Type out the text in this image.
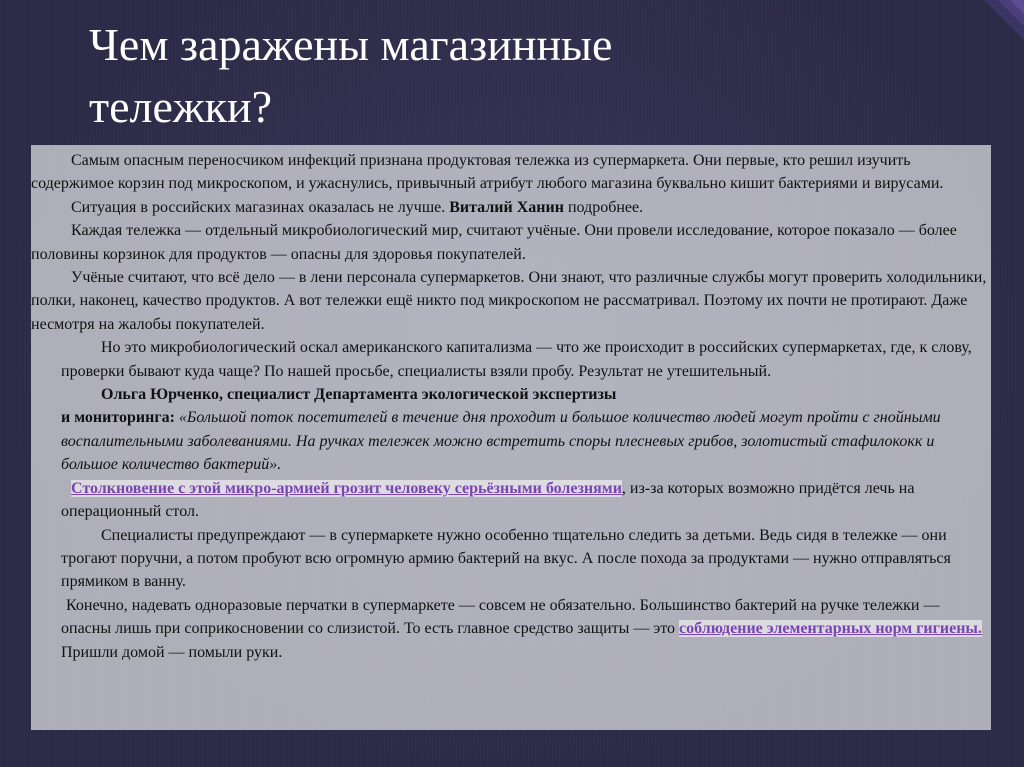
Чем заражены магазинные
тележки?

Самым опасным переносчиком инфекций признана продуктовая тележка из супермаркета. Они первые, кто решил изучить содержимое корзин под микроскопом, и ужаснулись, привычный атрибут любого магазина буквально кишит бактериями и вирусами.

Ситуация в российских магазинах оказалась не лучше. Виталий Ханин подробнее.

Каждая тележка — отдельный микробиологический мир, считают учёные. Они провели исследование, которое показало — более половины корзинок для продуктов — опасны для здоровья покупателей.

Учёные считают, что всё дело — в лени персонала супермаркетов. Они знают, что различные службы могут проверить холодильники, полки, наконец, качество продуктов. А вот тележки ещё никто под микроскопом не рассматривал. Поэтому их почти не протирают. Даже несмотря на жалобы покупателей.

Но это микробиологический оскал американского капитализма — что же происходит в российских супермаркетах, где, к слову, проверки бывают куда чаще? По нашей просьбе, специалисты взяли пробу. Результат не утешительный.

Ольга Юрченко, специалист Департамента экологической экспертизы
и мониторинга: «Большой поток посетителей в течение дня проходит и большое количество людей могут пройти с гнойными воспалительными заболеваниями. На ручках тележек можно встретить споры плесневых грибов, золотистый стафилококк и большое количество бактерий».

Столкновение с этой микро-армией грозит человеку серьёзными болезнями, из-за которых возможно придётся лечь на операционный стол.

Специалисты предупреждают — в супермаркете нужно особенно тщательно следить за детьми. Ведь сидя в тележке — они трогают поручни, а потом пробуют всю огромную армию бактерий на вкус. А после похода за продуктами — нужно отправляться прямиком в ванну.

Конечно, надевать одноразовые перчатки в супермаркете — совсем не обязательно. Большинство бактерий на ручке тележки — опасны лишь при соприкосновении со слизистой. То есть главное средство защиты — это соблюдение элементарных норм гигиены. Пришли домой — помыли руки.
